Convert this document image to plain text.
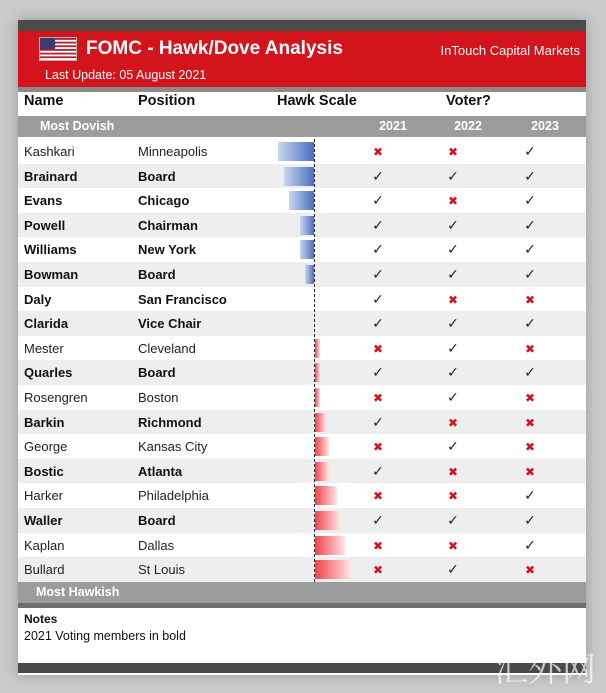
FOMC - Hawk/Dove Analysis	InTouch Capital Markets
Last Update: 05 August 2021
Name	Position	Hawk Scale	Voter?
Most Dovish	2021	2022	2023
Kashkari	Minneapolis	✖	✖	✓
Brainard	Board	✓	✓	✓
Evans	Chicago	✓	✖	✓
Powell	Chairman	✓	✓	✓
Williams	New York	✓	✓	✓
Bowman	Board	✓	✓	✓
Daly	San Francisco	✓	✖	✖
Clarida	Vice Chair	✓	✓	✓
Mester	Cleveland	✖	✓	✖
Quarles	Board	✓	✓	✓
Rosengren	Boston	✖	✓	✖
Barkin	Richmond	✓	✖	✖
George	Kansas City	✖	✓	✖
Bostic	Atlanta	✓	✖	✖
Harker	Philadelphia	✖	✖	✓
Waller	Board	✓	✓	✓
Kaplan	Dallas	✖	✖	✓
Bullard	St Louis	✖	✓	✖
Most Hawkish
Notes
2021 Voting members in bold
汇外网
